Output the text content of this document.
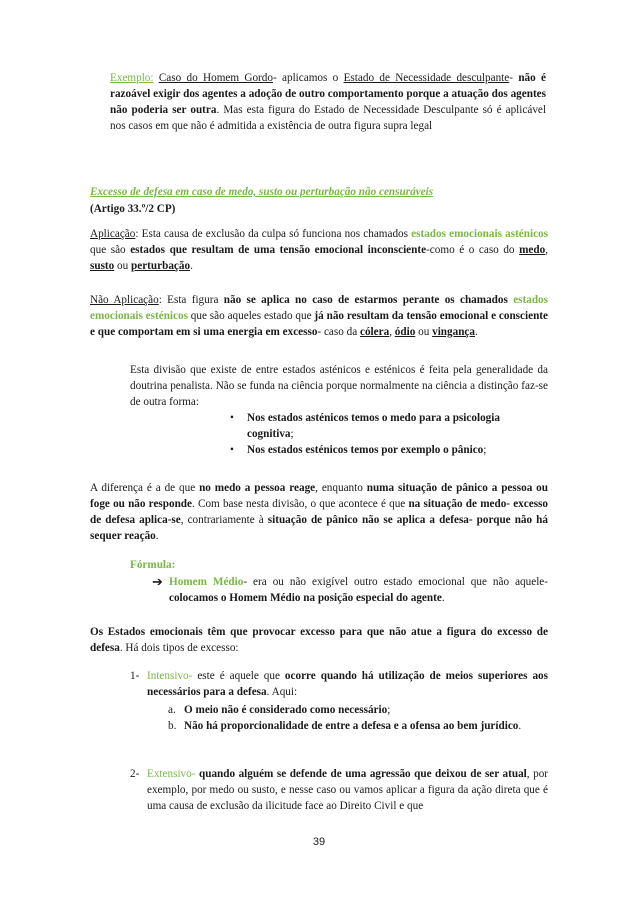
Exemplo: Caso do Homem Gordo- aplicamos o Estado de Necessidade desculpante- não é razoável exigir dos agentes a adoção de outro comportamento porque a atuação dos agentes não poderia ser outra. Mas esta figura do Estado de Necessidade Desculpante só é aplicável nos casos em que não é admitida a existência de outra figura supra legal
Excesso de defesa em caso de medo, susto ou perturbação não censuráveis
(Artigo 33.º/2 CP)
Aplicação: Esta causa de exclusão da culpa só funciona nos chamados estados emocionais asténicos que são estados que resultam de uma tensão emocional inconsciente-como é o caso do medo, susto ou perturbação.
Não Aplicação: Esta figura não se aplica no caso de estarmos perante os chamados estados emocionais esténicos que são aqueles estado que já não resultam da tensão emocional e consciente e que comportam em si uma energia em excesso- caso da cólera, ódio ou vingança.
Esta divisão que existe de entre estados asténicos e esténicos é feita pela generalidade da doutrina penalista. Não se funda na ciência porque normalmente na ciência a distinção faz-se de outra forma:
• Nos estados asténicos temos o medo para a psicologia cognitiva;
• Nos estados esténicos temos por exemplo o pânico;
A diferença é a de que no medo a pessoa reage, enquanto numa situação de pânico a pessoa ou foge ou não responde. Com base nesta divisão, o que acontece é que na situação de medo- excesso de defesa aplica-se, contrariamente à situação de pânico não se aplica a defesa- porque não há sequer reação.
Fórmula:
➔ Homem Médio- era ou não exigível outro estado emocional que não aquele- colocamos o Homem Médio na posição especial do agente.
Os Estados emocionais têm que provocar excesso para que não atue a figura do excesso de defesa. Há dois tipos de excesso:
1- Intensivo- este é aquele que ocorre quando há utilização de meios superiores aos necessários para a defesa. Aqui:
a. O meio não é considerado como necessário;
b. Não há proporcionalidade de entre a defesa e a ofensa ao bem jurídico.
2- Extensivo- quando alguém se defende de uma agressão que deixou de ser atual, por exemplo, por medo ou susto, e nesse caso ou vamos aplicar a figura da ação direta que é uma causa de exclusão da ilicitude face ao Direito Civil e que
39
